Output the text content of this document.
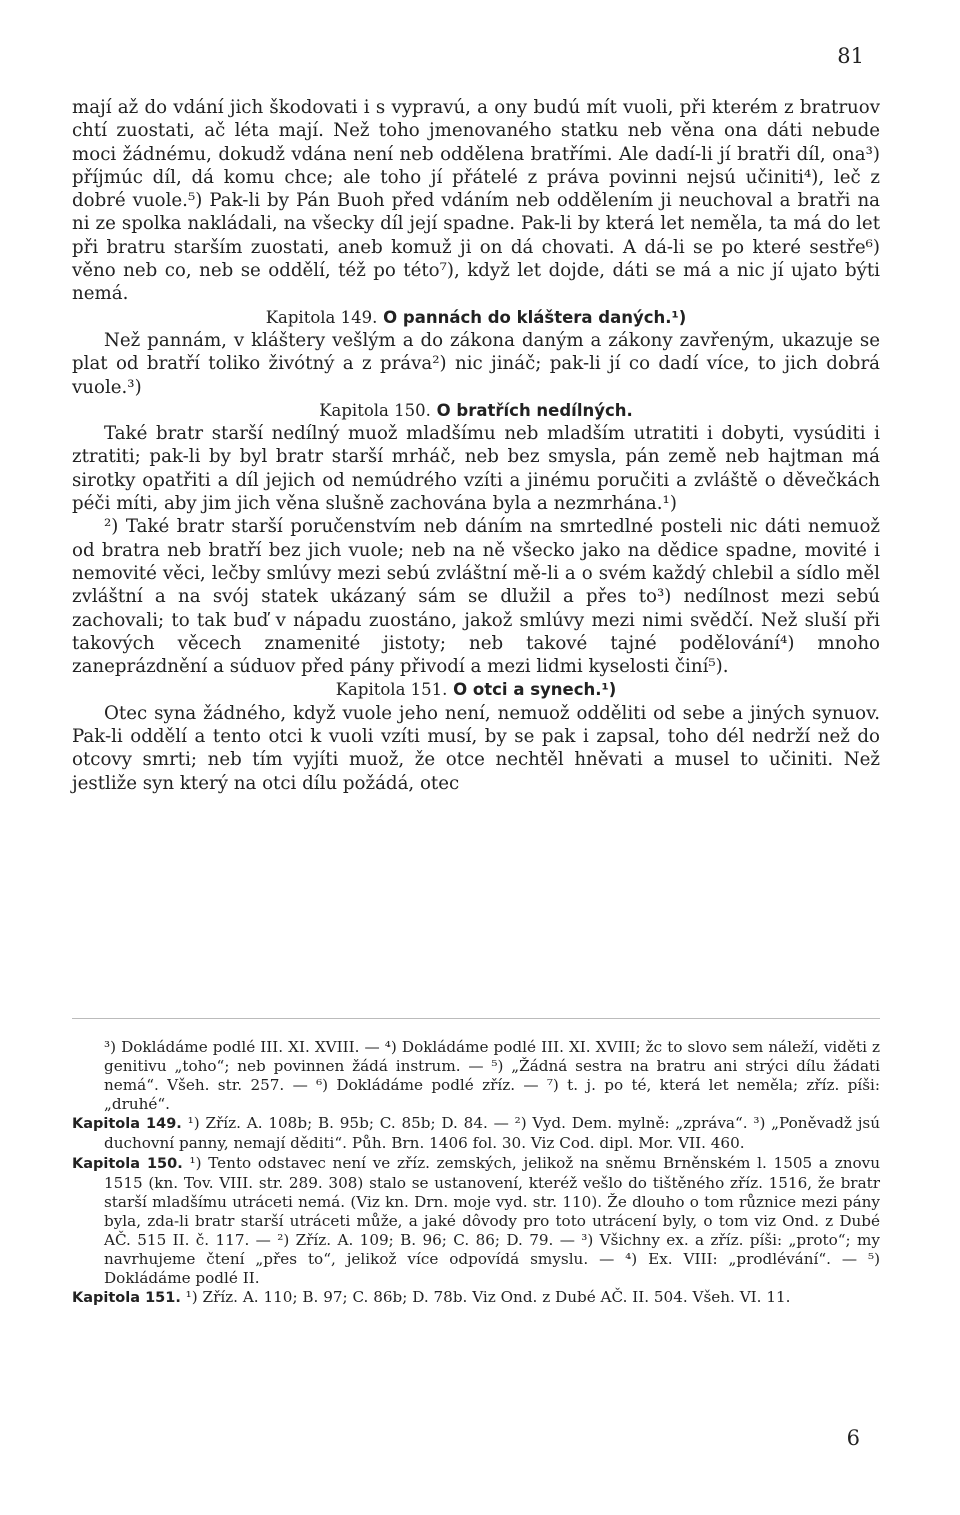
81

mají až do vdání jich škodovati i s vypravú, a ony budú mít vuoli, při kterém z bratruov chtí zuostati, ač léta mají. Než toho jmenovaného statku neb věna ona dáti nebude moci žádnému, dokudž vdána není neb oddělena bratřími. Ale dadí-li jí bratři díl, ona³) příjmúc díl, dá komu chce; ale toho jí přátelé z práva povinni nejsú učiniti⁴), leč z dobré vuole.⁵) Pak-li by Pán Buoh před vdáním neb oddělením ji neuchoval a bratři na ni ze spolka nakládali, na všecky díl její spadne. Pak-li by která let neměla, ta má do let při bratru starším zuostati, aneb komuž ji on dá chovati. A dá-li se po které sestře⁶) věno neb co, neb se oddělí, též po této⁷), když let dojde, dáti se má a nic jí ujato býti nemá.

Kapitola 149. O pannách do kláštera daných.¹)

Než pannám, v kláštery vešlým a do zákona daným a zákony zavřeným, ukazuje se plat od bratří toliko živótný a z práva²) nic jináč; pak-li jí co dadí více, to jich dobrá vuole.³)

Kapitola 150. O bratřích nedílných.

Také bratr starší nedílný muož mladšímu neb mladším utratiti i dobyti, vysúditi i ztratiti; pak-li by byl bratr starší mrháč, neb bez smysla, pán země neb hajtman má sirotky opatřiti a díl jejich od nemúdrého vzíti a jinému poručiti a zvláště o děvečkách péči míti, aby jim jich věna slušně zachována byla a nezmrhána.¹)

²) Také bratr starší poručenstvím neb dáním na smrtedlné posteli nic dáti nemuož od bratra neb bratří bez jich vuole; neb na ně všecko jako na dědice spadne, movité i nemovité věci, lečby smlúvy mezi sebú zvláštní mě-li a o svém každý chlebil a sídlo měl zvláštní a na svój statek ukázaný sám se dlužil a přes to³) nedílnost mezi sebú zachovali; to tak buď v nápadu zuostáno, jakož smlúvy mezi nimi svědčí. Než sluší při takových věcech znamenité jistoty; neb takové tajné podělování⁴) mnoho zaneprázdnění a súduov před pány přivodí a mezi lidmi kyselosti činí⁵).

Kapitola 151. O otci a synech.¹)

Otec syna žádného, když vuole jeho není, nemuož odděliti od sebe a jiných synuov. Pak-li oddělí a tento otci k vuoli vzíti musí, by se pak i zapsal, toho dél nedrží než do otcovy smrti; neb tím vyjíti muož, že otce nechtěl hněvati a musel to učiniti. Než jestliže syn který na otci dílu požádá, otec

³) Dokládáme podlé III. XI. XVIII. — ⁴) Dokládáme podlé III. XI. XVIII; žc to slovo sem náleží, viděti z genitivu „toho“; neb povinnen žádá instrum. — ⁵) „Žádná sestra na bratru ani strýci dílu žádati nemá“. Všeh. str. 257. — ⁶) Dokládáme podlé zříz. — ⁷) t. j. po té, která let neměla; zříz. píši: „druhé“.

Kapitola 149. ¹) Zříz. A. 108b; B. 95b; C. 85b; D. 84. — ²) Vyd. Dem. mylně: „zpráva“. ³) „Poněvadž jsú duchovní panny, nemají děditi“. Půh. Brn. 1406 fol. 30. Viz Cod. dipl. Mor. VII. 460.

Kapitola 150. ¹) Tento odstavec není ve zříz. zemských, jelikož na sněmu Brněnském l. 1505 a znovu 1515 (kn. Tov. VIII. str. 289. 308) stalo se ustanovení, kteréž vešlo do tištěného zříz. 1516, že bratr starší mladšímu utráceti nemá. (Viz kn. Drn. moje vyd. str. 110). Že dlouho o tom různice mezi pány byla, zda-li bratr starší utráceti může, a jaké dôvody pro toto utrácení byly, o tom viz Ond. z Dubé AČ. 515 II. č. 117. — ²) Zříz. A. 109; B. 96; C. 86; D. 79. — ³) Všichny ex. a zříz. píši: „proto“; my navrhujeme čtení „přes to“, jelikož více odpovídá smyslu. — ⁴) Ex. VIII: „prodlévání“. — ⁵) Dokládáme podlé II.

Kapitola 151. ¹) Zříz. A. 110; B. 97; C. 86b; D. 78b. Viz Ond. z Dubé AČ. II. 504. Všeh. VI. 11.

6
